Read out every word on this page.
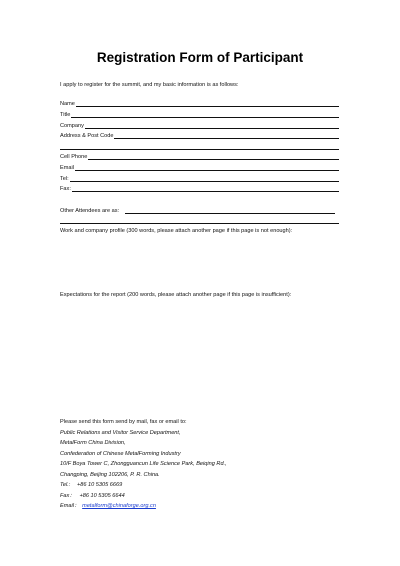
Registration Form of Participant
I apply to register for the summit, and my basic information is as follows:
Name
Title
Company
Address & Post Code
Cell Phone
Email
Tel:
Fax:
Other Attendees are as:
Work and company profile (300 words, please attach another page if this page is not enough):
Expectations for the report (200 words, please attach another page if this page is insufficient):
Please send this form send by mail, fax or email to:
Public Relations and Visitor Service Department,
MetalForm China Division,
Confederation of Chinese MetalForming Industry
10/F Boya Tower C, Zhongguancun Life Science Park, Beiqing Rd.,
Changping, Beijing 102206, P. R. China.
Tel.: +86 10 5305 6669
Fax： +86 10 5305 6644
Email： metalform@chinaforge.org.cn
